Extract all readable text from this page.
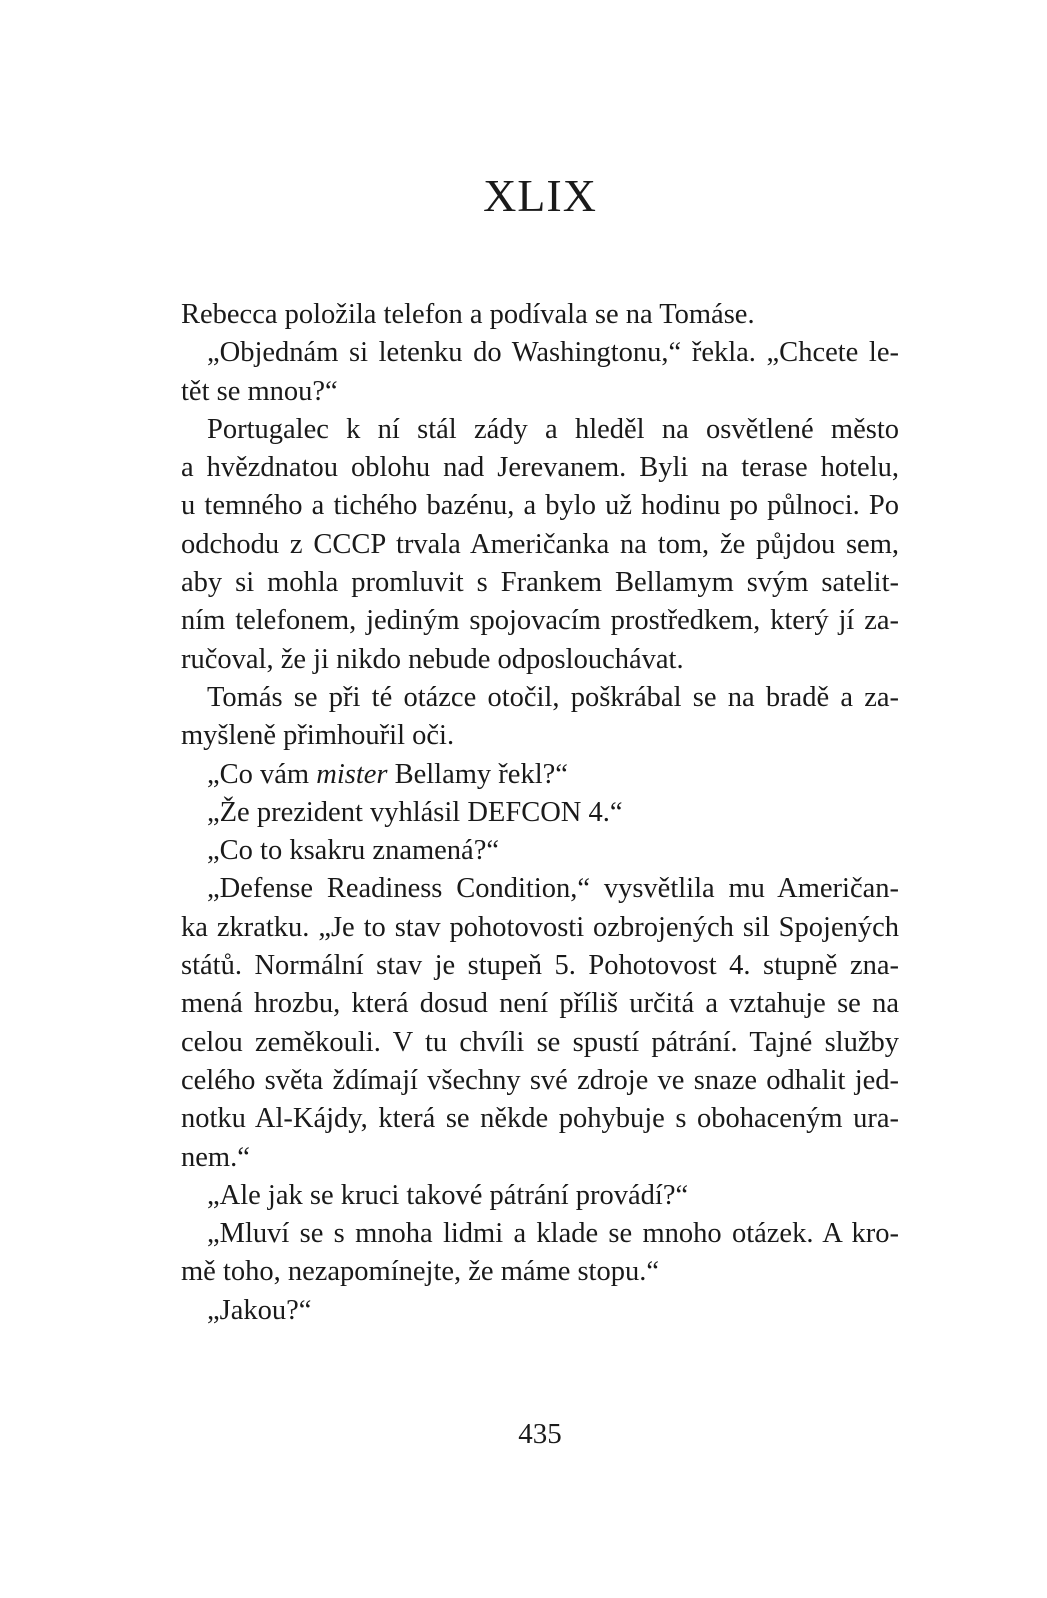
XLIX
Rebecca položila telefon a podívala se na Tomáse.
„Objednám si letenku do Washingtonu,“ řekla. „Chcete le-
tět se mnou?“
Portugalec k ní stál zády a hleděl na osvětlené město
a hvězdnatou oblohu nad Jerevanem. Byli na terase hotelu,
u temného a tichého bazénu, a bylo už hodinu po půlnoci. Po
odchodu z CCCP trvala Američanka na tom, že půjdou sem,
aby si mohla promluvit s Frankem Bellamym svým satelit-
ním telefonem, jediným spojovacím prostředkem, který jí za-
ručoval, že ji nikdo nebude odposlouchávat.
Tomás se při té otázce otočil, poškrábal se na bradě a za-
myšleně přimhouřil oči.
„Co vám mister Bellamy řekl?“
„Že prezident vyhlásil DEFCON 4.“
„Co to ksakru znamená?“
„Defense Readiness Condition,“ vysvětlila mu Američan-
ka zkratku. „Je to stav pohotovosti ozbrojených sil Spojených
států. Normální stav je stupeň 5. Pohotovost 4. stupně zna-
mená hrozbu, která dosud není příliš určitá a vztahuje se na
celou zeměkouli. V tu chvíli se spustí pátrání. Tajné služby
celého světa ždímají všechny své zdroje ve snaze odhalit jed-
notku Al-Kájdy, která se někde pohybuje s obohaceným ura-
nem.“
„Ale jak se kruci takové pátrání provádí?“
„Mluví se s mnoha lidmi a klade se mnoho otázek. A kro-
mě toho, nezapomínejte, že máme stopu.“
„Jakou?“
435
